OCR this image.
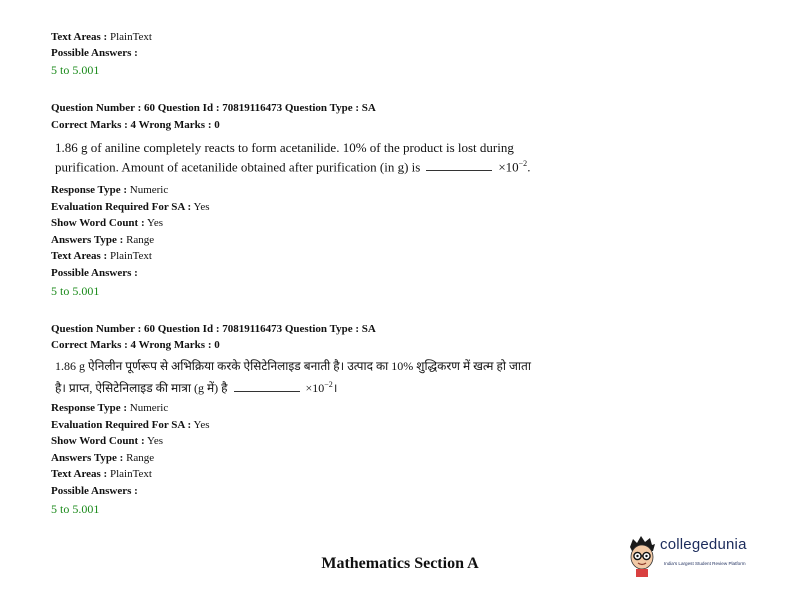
Text Areas : PlainText
Possible Answers :
5 to 5.001
Question Number : 60 Question Id : 70819116473 Question Type : SA
Correct Marks : 4 Wrong Marks : 0
1.86 g of aniline completely reacts to form acetanilide. 10% of the product is lost during
purification. Amount of acetanilide obtained after purification (in g) is	$\times 10^{-2}$.
Response Type : Numeric
Evaluation Required For SA : Yes
Show Word Count : Yes
Answers Type : Range
Text Areas : PlainText
Possible Answers :
5 to 5.001
Question Number : 60 Question Id : 70819116473 Question Type : SA
Correct Marks : 4 Wrong Marks : 0
1.86 g ऐनिलीन पूर्णरूप से अभिक्रिया करके ऐसिटेनिलाइड बनाती है। उत्पाद का 10% शुद्धिकरण में खत्म हो जाता
है। प्राप्त, ऐसिटेनिलाइड की मात्रा (g में) है	$\times 10^{-2}।$
Response Type : Numeric
Evaluation Required For SA : Yes
Show Word Count : Yes
Answers Type : Range
Text Areas : PlainText
Possible Answers :
5 to 5.001
Mathematics Section A
collegedunia
India's Largest Student Review Platform
